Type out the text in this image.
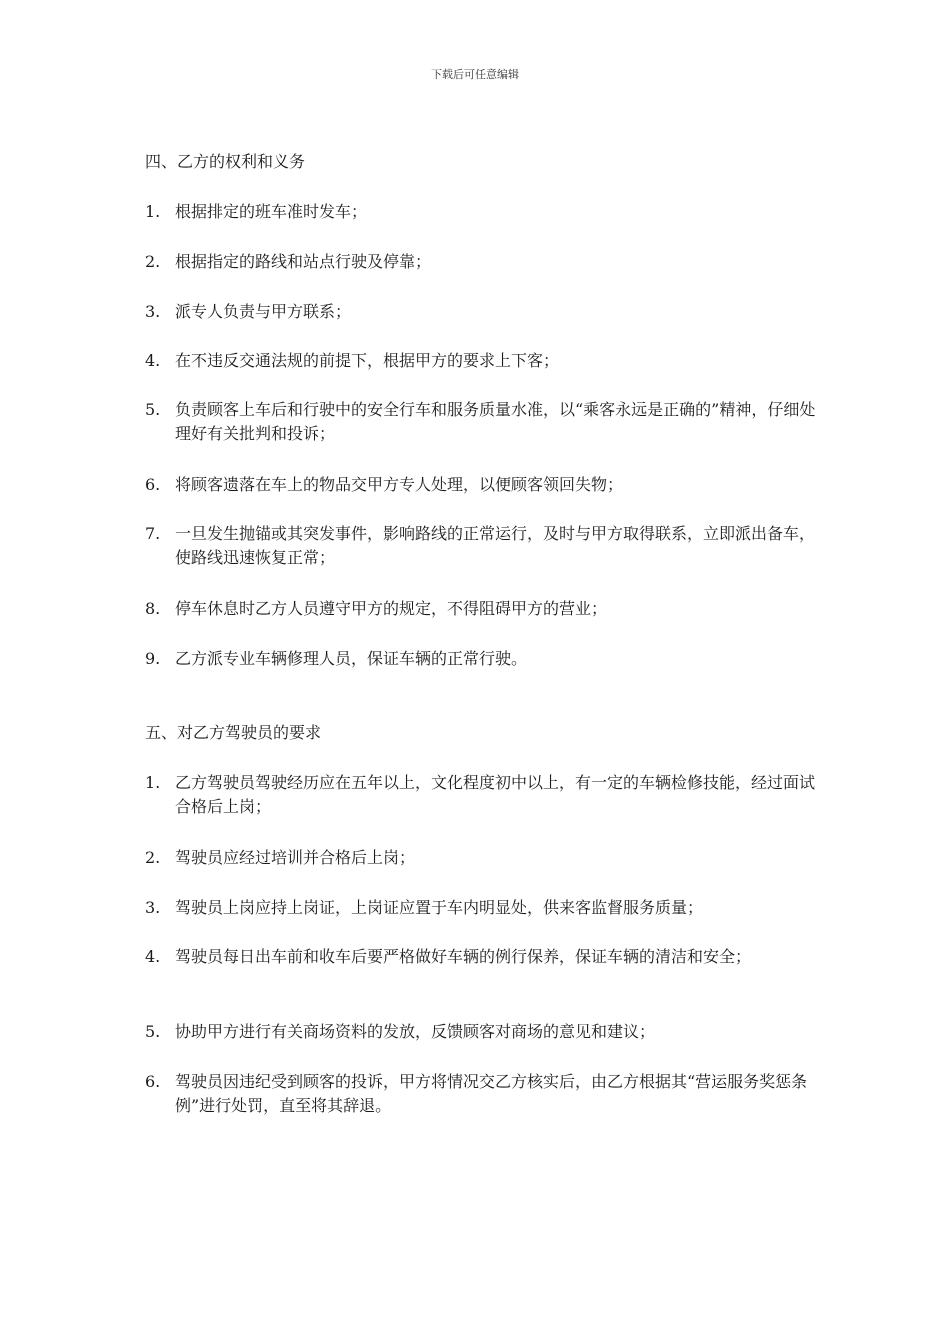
下载后可任意编辑
四、乙方的权利和义务
1. 根据排定的班车准时发车；
2. 根据指定的路线和站点行驶及停靠；
3. 派专人负责与甲方联系；
4. 在不违反交通法规的前提下，根据甲方的要求上下客；
5. 负责顾客上车后和行驶中的安全行车和服务质量水准，以“乘客永远是正确的”精神，仔细处理好有关批判和投诉；
6. 将顾客遗落在车上的物品交甲方专人处理，以便顾客领回失物；
7. 一旦发生抛锚或其突发事件，影响路线的正常运行，及时与甲方取得联系，立即派出备车，使路线迅速恢复正常；
8. 停车休息时乙方人员遵守甲方的规定，不得阻碍甲方的营业；
9. 乙方派专业车辆修理人员，保证车辆的正常行驶。
五、对乙方驾驶员的要求
1. 乙方驾驶员驾驶经历应在五年以上，文化程度初中以上，有一定的车辆检修技能，经过面试合格后上岗；
2. 驾驶员应经过培训并合格后上岗；
3. 驾驶员上岗应持上岗证，上岗证应置于车内明显处，供来客监督服务质量；
4. 驾驶员每日出车前和收车后要严格做好车辆的例行保养，保证车辆的清洁和安全；
5. 协助甲方进行有关商场资料的发放，反馈顾客对商场的意见和建议；
6. 驾驶员因违纪受到顾客的投诉，甲方将情况交乙方核实后，由乙方根据其“营运服务奖惩条例”进行处罚，直至将其辞退。
